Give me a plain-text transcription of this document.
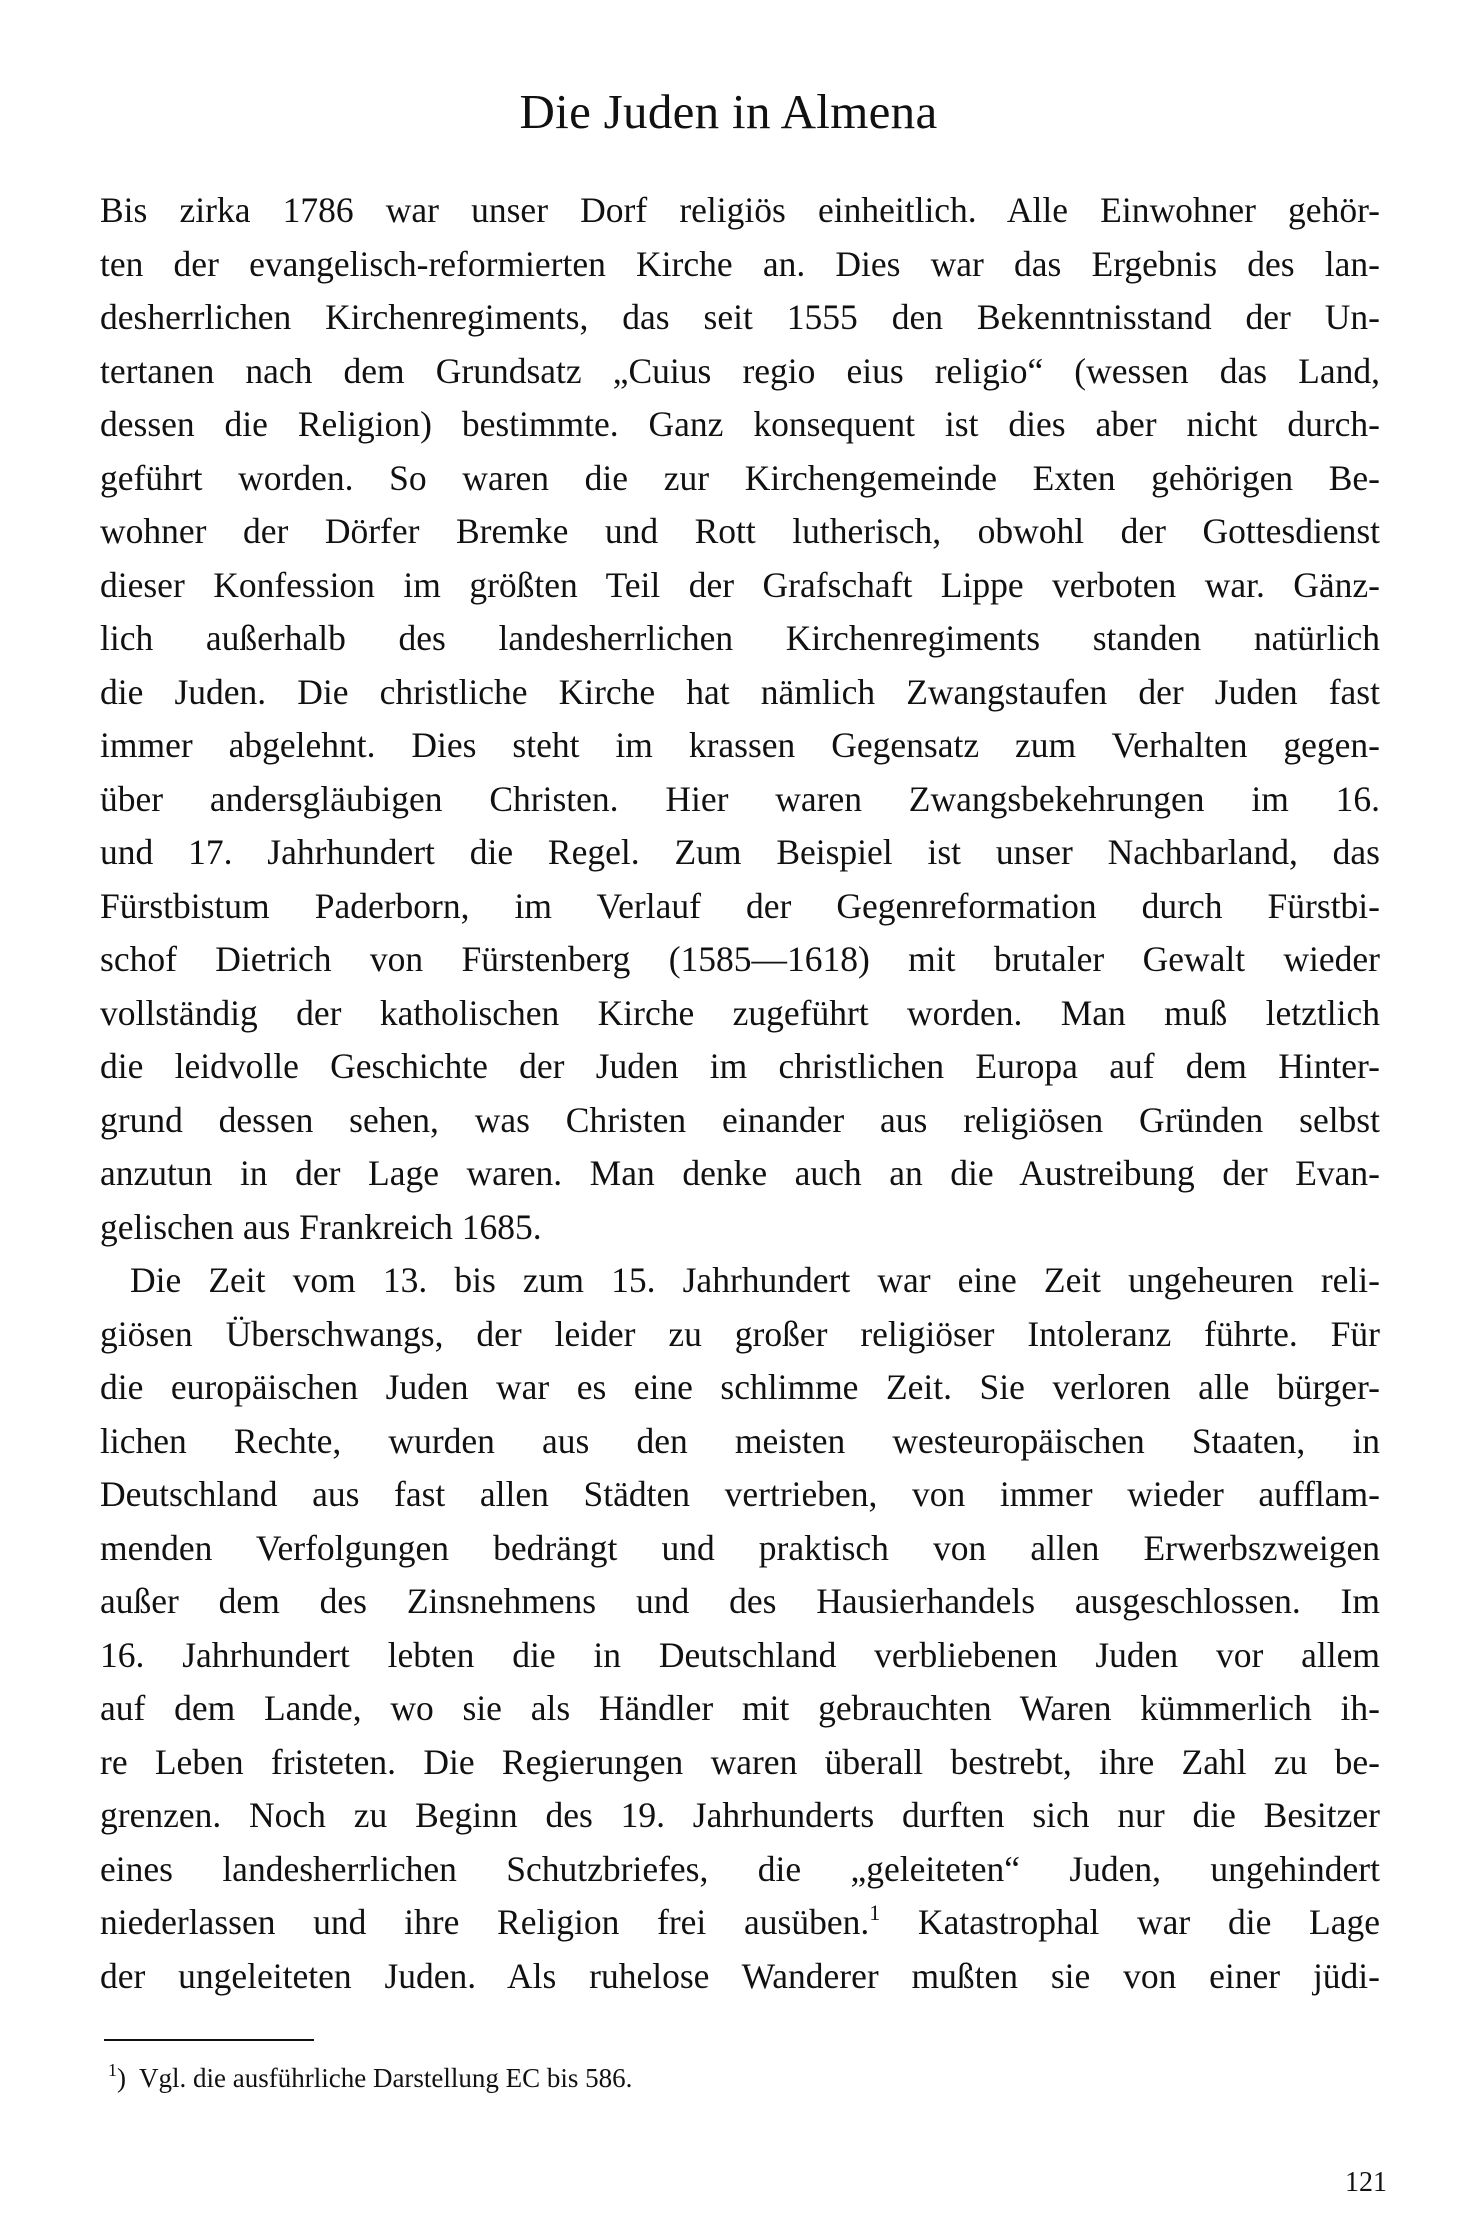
Die Juden in Almena
Bis zirka 1786 war unser Dorf religiös einheitlich. Alle Einwohner gehör-
ten der evangelisch-reformierten Kirche an. Dies war das Ergebnis des lan-
desherrlichen Kirchenregiments, das seit 1555 den Bekenntnisstand der Un-
tertanen nach dem Grundsatz „Cuius regio eius religio“ (wessen das Land,
dessen die Religion) bestimmte. Ganz konsequent ist dies aber nicht durch-
geführt worden. So waren die zur Kirchengemeinde Exten gehörigen Be-
wohner der Dörfer Bremke und Rott lutherisch, obwohl der Gottesdienst
dieser Konfession im größten Teil der Grafschaft Lippe verboten war. Gänz-
lich außerhalb des landesherrlichen Kirchenregiments standen natürlich
die Juden. Die christliche Kirche hat nämlich Zwangstaufen der Juden fast
immer abgelehnt. Dies steht im krassen Gegensatz zum Verhalten gegen-
über andersgläubigen Christen. Hier waren Zwangsbekehrungen im 16.
und 17. Jahrhundert die Regel. Zum Beispiel ist unser Nachbarland, das
Fürstbistum Paderborn, im Verlauf der Gegenreformation durch Fürstbi-
schof Dietrich von Fürstenberg (1585—1618) mit brutaler Gewalt wieder
vollständig der katholischen Kirche zugeführt worden. Man muß letztlich
die leidvolle Geschichte der Juden im christlichen Europa auf dem Hinter-
grund dessen sehen, was Christen einander aus religiösen Gründen selbst
anzutun in der Lage waren. Man denke auch an die Austreibung der Evan-
gelischen aus Frankreich 1685.
Die Zeit vom 13. bis zum 15. Jahrhundert war eine Zeit ungeheuren reli-
giösen Überschwangs, der leider zu großer religiöser Intoleranz führte. Für
die europäischen Juden war es eine schlimme Zeit. Sie verloren alle bürger-
lichen Rechte, wurden aus den meisten westeuropäischen Staaten, in
Deutschland aus fast allen Städten vertrieben, von immer wieder aufflam-
menden Verfolgungen bedrängt und praktisch von allen Erwerbszweigen
außer dem des Zinsnehmens und des Hausierhandels ausgeschlossen. Im
16. Jahrhundert lebten die in Deutschland verbliebenen Juden vor allem
auf dem Lande, wo sie als Händler mit gebrauchten Waren kümmerlich ih-
re Leben fristeten. Die Regierungen waren überall bestrebt, ihre Zahl zu be-
grenzen. Noch zu Beginn des 19. Jahrhunderts durften sich nur die Besitzer
eines landesherrlichen Schutzbriefes, die „geleiteten“ Juden, ungehindert
niederlassen und ihre Religion frei ausüben.$^1$ Katastrophal war die Lage
der ungeleiteten Juden. Als ruhelose Wanderer mußten sie von einer jüdi-
$^1$) Vgl. die ausführliche Darstellung EC bis 586.
121
